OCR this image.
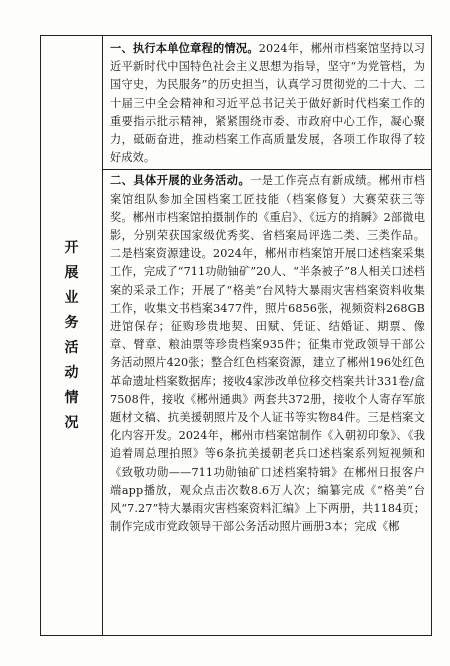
开展业务活动情况

一、执行本单位章程的情况。2024年，郴州市档案馆坚持以习近平新时代中国特色社会主义思想为指导，坚守“为党管档，为国守史，为民服务”的历史担当，认真学习贯彻党的二十大、二十届三中全会精神和习近平总书记关于做好新时代档案工作的重要指示批示精神，紧紧围绕市委、市政府中心工作，凝心聚力，砥砺奋进，推动档案工作高质量发展，各项工作取得了较好成效。

二、具体开展的业务活动。一是工作亮点有新成绩。郴州市档案馆组队参加全国档案工匠技能（档案修复）大赛荣获三等奖。郴州市档案馆拍摄制作的《重启》、《远方的捎瞬》2部微电影，分别荣获国家级优秀奖、省档案局评选二类、三类作品。二是档案资源建设。2024年，郴州市档案馆开展口述档案采集工作，完成了“711功勋铀矿”20人、“半条被子”8人相关口述档案的采录工作；开展了“格美”台风特大暴雨灾害档案资料收集工作，收集文书档案3477件，照片6856张，视频资料268GB进馆保存；征购珍贵地契、田赋、凭证、结婚证、期票、像章、臂章、粮油票等珍贵档案935件；征集市党政领导干部公务活动照片420张；整合红色档案资源，建立了郴州196处红色革命遗址档案数据库；接收4家涉改单位移交档案共计331卷/盒7508件，接收《郴州通典》两套共372册，接收个人寄存军旅题材文稿、抗美援朝照片及个人证书等实物84件。三是档案文化内容开发。2024年，郴州市档案馆制作《入朝初印象》、《我追着周总理拍照》等6条抗美援朝老兵口述档案系列短视频和《致敬功勋——711功勋铀矿口述档案特辑》在郴州日报客户端app播放，观众点击次数8.6万人次；编纂完成《“格美”台风“7.27”特大暴雨灾害档案资料汇编》上下两册，共1184页；制作完成市党政领导干部公务活动照片画册3本；完成《郴
